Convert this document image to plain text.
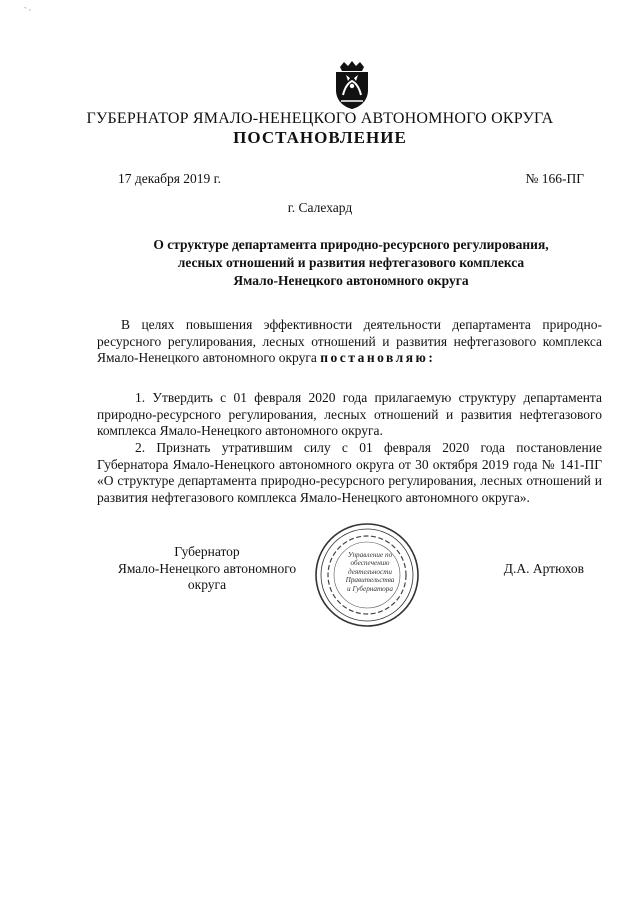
` ·
ГУБЕРНАТОР ЯМАЛО-НЕНЕЦКОГО АВТОНОМНОГО ОКРУГА
ПОСТАНОВЛЕНИЕ
17 декабря 2019 г.	№ 166-ПГ
г. Салехард
О структуре департамента природно-ресурсного регулирования,
лесных отношений и развития нефтегазового комплекса
Ямало-Ненецкого автономного округа
В целях повышения эффективности деятельности департамента природно-ресурсного регулирования, лесных отношений и развития нефтегазового комплекса Ямало-Ненецкого автономного округа постановляю:
1. Утвердить с 01 февраля 2020 года прилагаемую структуру департамента природно-ресурсного регулирования, лесных отношений и развития нефтегазового комплекса Ямало-Ненецкого автономного округа.
2. Признать утратившим силу с 01 февраля 2020 года постановление Губернатора Ямало-Ненецкого автономного округа от 30 октября 2019 года № 141-ПГ «О структуре департамента природно-ресурсного регулирования, лесных отношений и развития нефтегазового комплекса Ямало-Ненецкого автономного округа».
Управление по
обеспечению
деятельности
Правительства
и Губернатора
Губернатор
Ямало-Ненецкого автономного округа
Д.А. Артюхов
